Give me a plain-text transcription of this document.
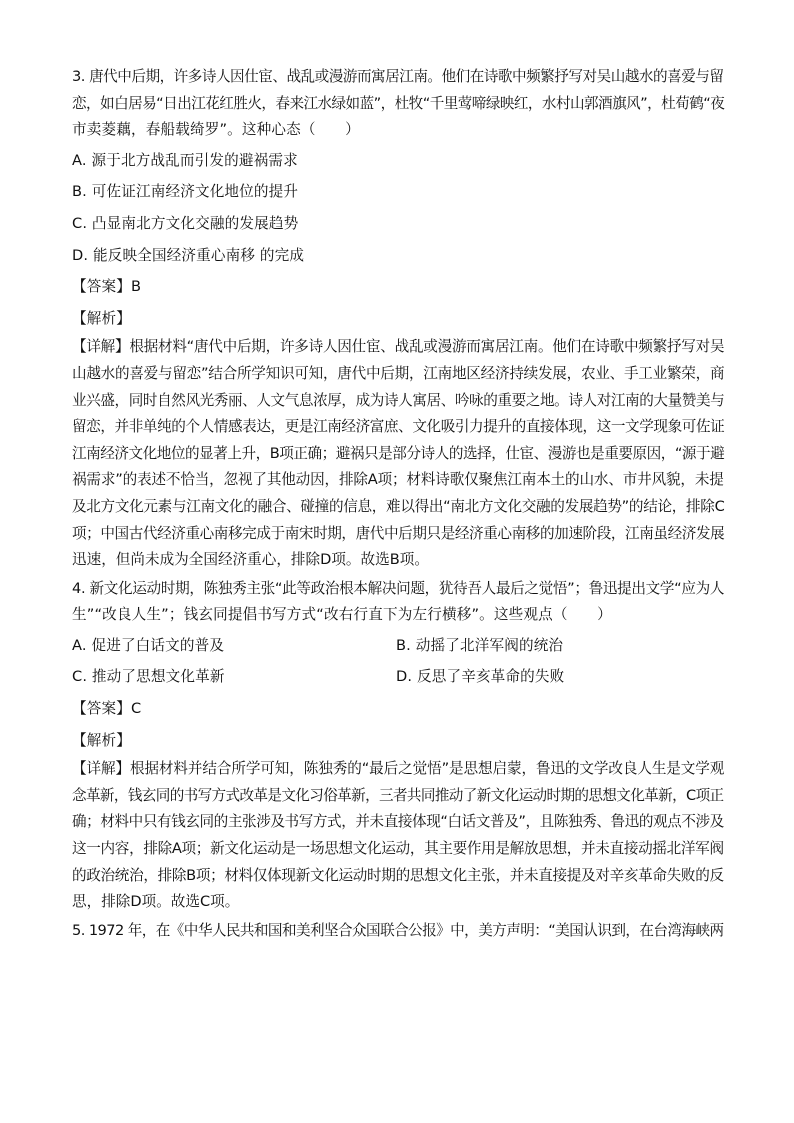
3. 唐代中后期，许多诗人因仕宦、战乱或漫游而寓居江南。他们在诗歌中频繁抒写对吴山越水的喜爱与留
恋，如白居易“日出江花红胜火，春来江水绿如蓝”，杜牧“千里莺啼绿映红，水村山郭酒旗风”，杜荀鹤“夜
市卖菱藕，春船载绮罗”。这种心态（　　）
A. 源于北方战乱而引发的避祸需求
B. 可佐证江南经济文化地位的提升
C. 凸显南北方文化交融的发展趋势
D. 能反映全国经济重心南移 的完成
【答案】B
【解析】
【详解】根据材料“唐代中后期，许多诗人因仕宦、战乱或漫游而寓居江南。他们在诗歌中频繁抒写对吴
山越水的喜爱与留恋”结合所学知识可知，唐代中后期，江南地区经济持续发展，农业、手工业繁荣，商
业兴盛，同时自然风光秀丽、人文气息浓厚，成为诗人寓居、吟咏的重要之地。诗人对江南的大量赞美与
留恋，并非单纯的个人情感表达，更是江南经济富庶、文化吸引力提升的直接体现，这一文学现象可佐证
江南经济文化地位的显著上升，B项正确；避祸只是部分诗人的选择，仕宦、漫游也是重要原因，“源于避
祸需求”的表述不恰当，忽视了其他动因，排除A项；材料诗歌仅聚焦江南本土的山水、市井风貌，未提
及北方文化元素与江南文化的融合、碰撞的信息，难以得出“南北方文化交融的发展趋势”的结论，排除C
项；中国古代经济重心南移完成于南宋时期，唐代中后期只是经济重心南移的加速阶段，江南虽经济发展
迅速，但尚未成为全国经济重心，排除D项。故选B项。
4. 新文化运动时期，陈独秀主张“此等政治根本解决问题，犹待吾人最后之觉悟”；鲁迅提出文学“应为人
生”“改良人生”；钱玄同提倡书写方式“改右行直下为左行横移”。这些观点（　　）
A. 促进了白话文的普及	B. 动摇了北洋军阀的统治
C. 推动了思想文化革新	D. 反思了辛亥革命的失败
【答案】C
【解析】
【详解】根据材料并结合所学可知，陈独秀的“最后之觉悟”是思想启蒙，鲁迅的文学改良人生是文学观
念革新，钱玄同的书写方式改革是文化习俗革新，三者共同推动了新文化运动时期的思想文化革新，C项正
确；材料中只有钱玄同的主张涉及书写方式，并未直接体现“白话文普及”，且陈独秀、鲁迅的观点不涉及
这一内容，排除A项；新文化运动是一场思想文化运动，其主要作用是解放思想，并未直接动摇北洋军阀
的政治统治，排除B项；材料仅体现新文化运动时期的思想文化主张，并未直接提及对辛亥革命失败的反
思，排除D项。故选C项。
5. 1972 年，在《中华人民共和国和美利坚合众国联合公报》中，美方声明：“美国认识到，在台湾海峡两
